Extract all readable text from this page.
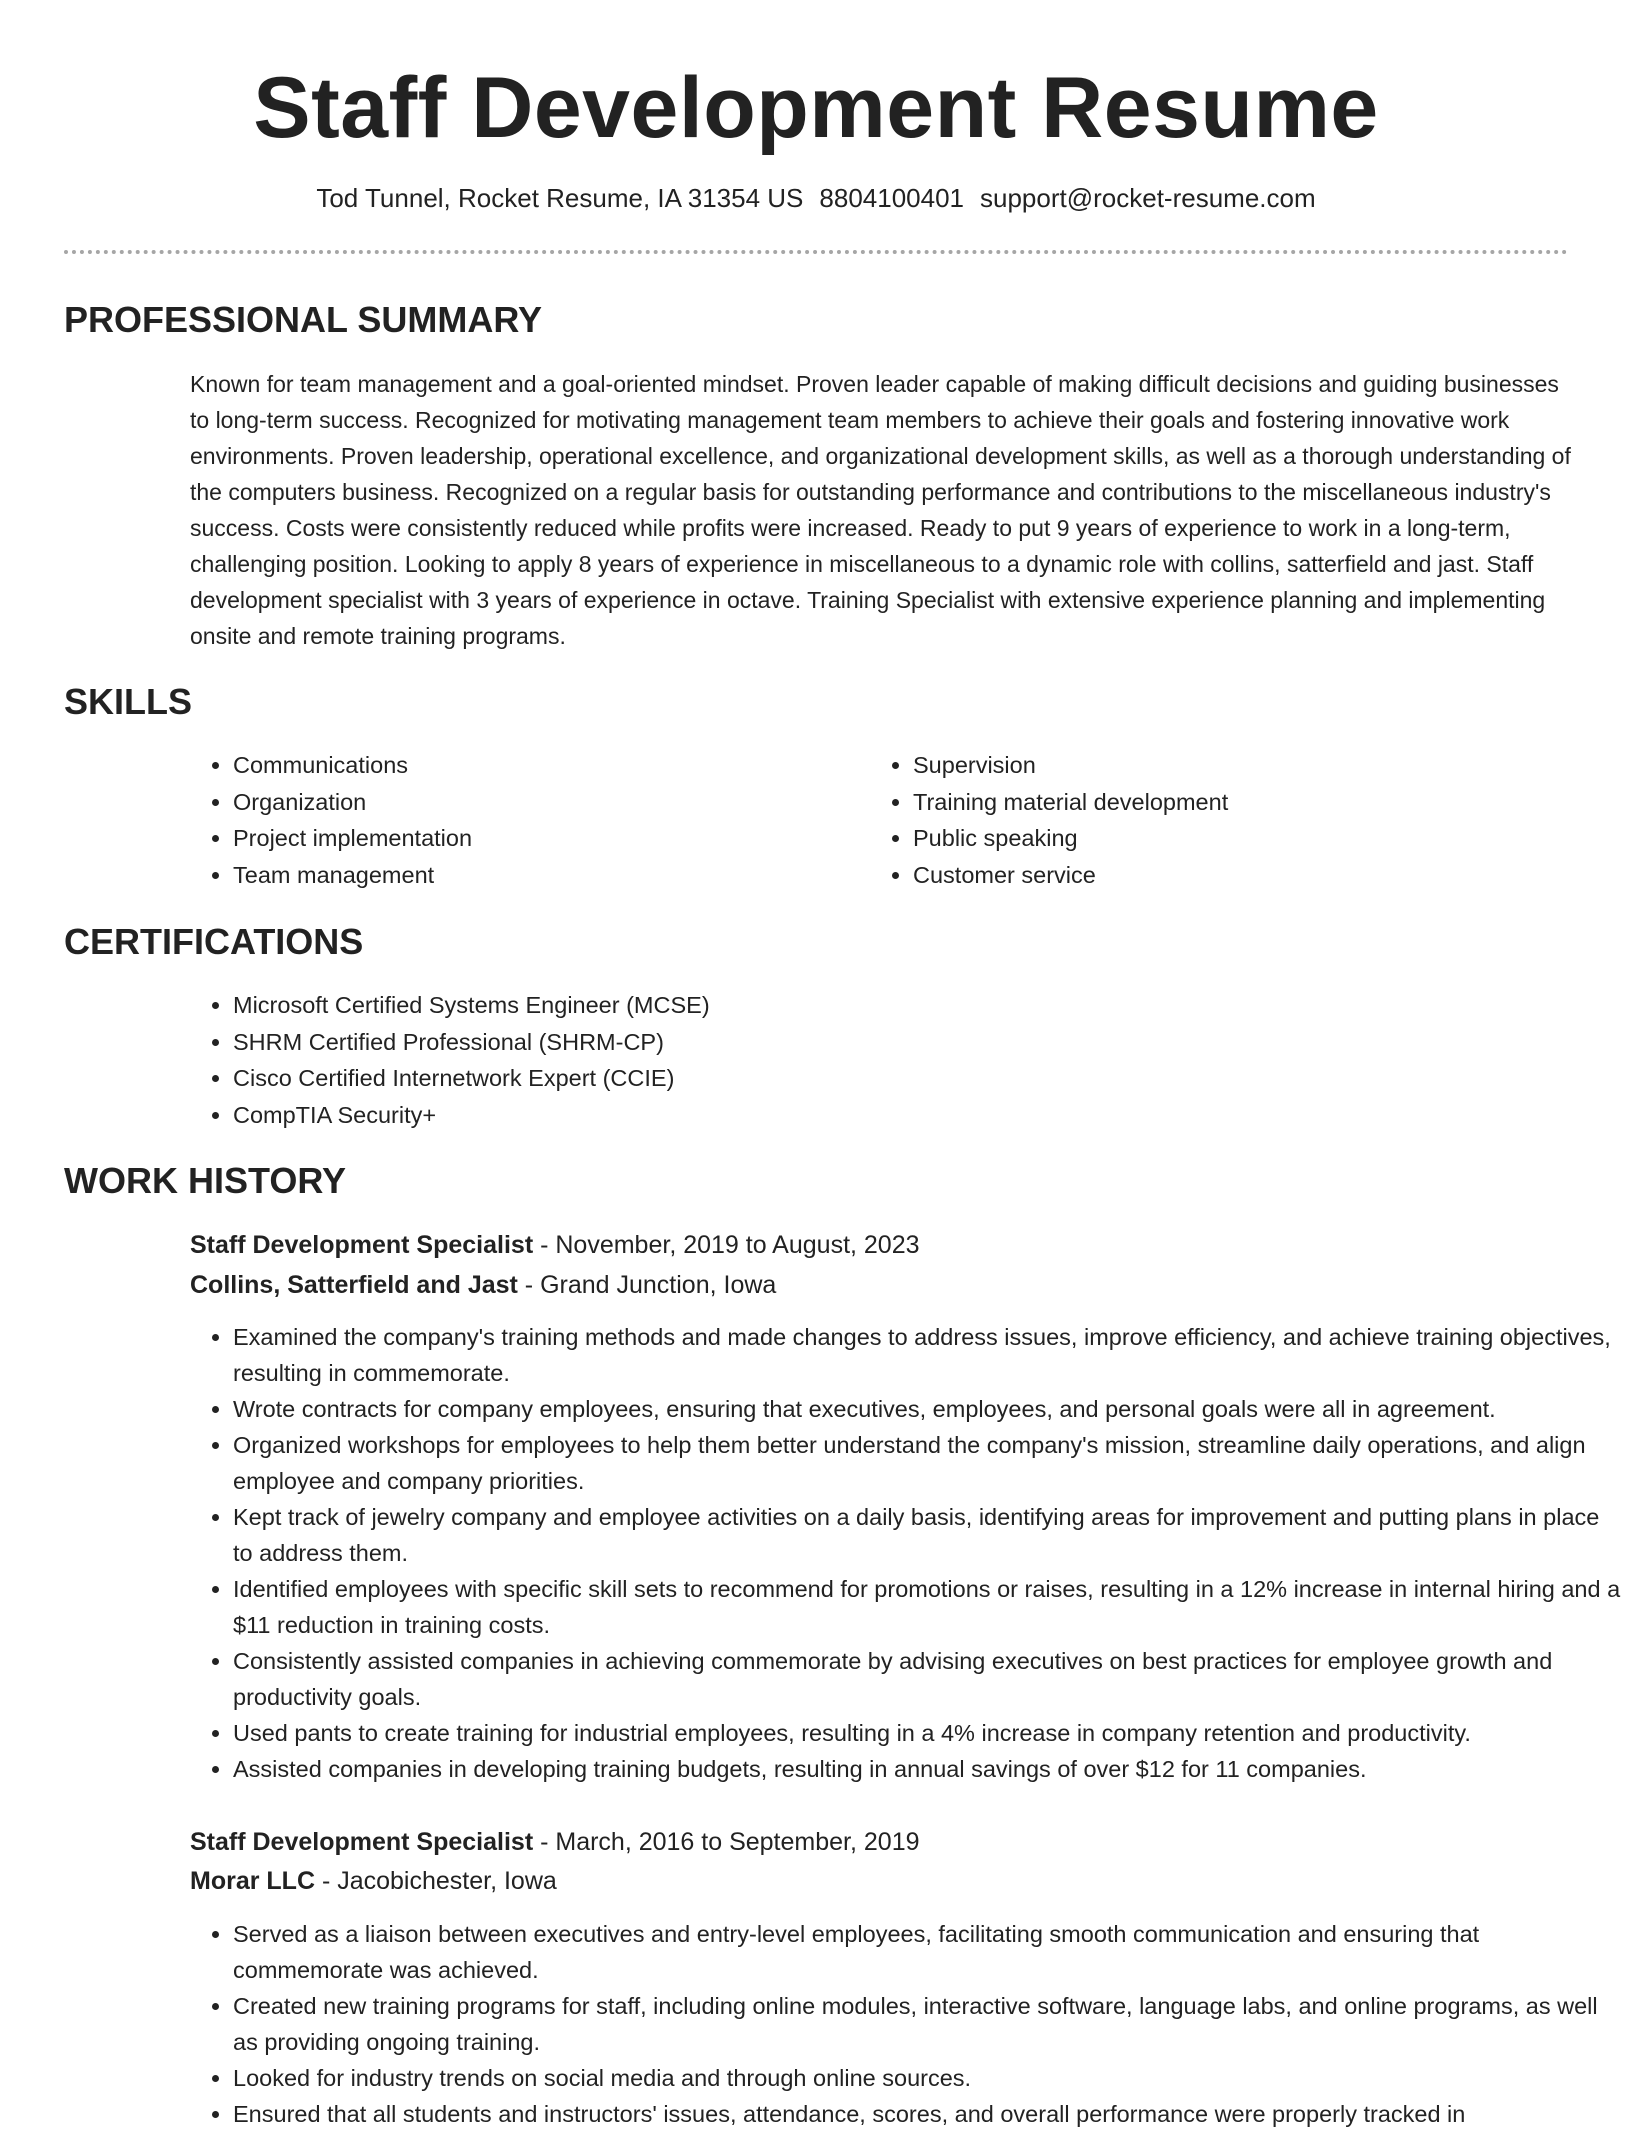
Staff Development Resume
Tod Tunnel, Rocket Resume, IA 31354 US 8804100401 support@rocket-resume.com
PROFESSIONAL SUMMARY

Known for team management and a goal-oriented mindset. Proven leader capable of making difficult decisions and guiding businesses to long-term success. Recognized for motivating management team members to achieve their goals and fostering innovative work environments. Proven leadership, operational excellence, and organizational development skills, as well as a thorough understanding of the computers business. Recognized on a regular basis for outstanding performance and contributions to the miscellaneous industry's success. Costs were consistently reduced while profits were increased. Ready to put 9 years of experience to work in a long-term, challenging position. Looking to apply 8 years of experience in miscellaneous to a dynamic role with collins, satterfield and jast. Staff development specialist with 3 years of experience in octave. Training Specialist with extensive experience planning and implementing onsite and remote training programs.

SKILLS
• Communications
• Organization
• Project implementation
• Team management
• Supervision
• Training material development
• Public speaking
• Customer service
CERTIFICATIONS
• Microsoft Certified Systems Engineer (MCSE)
• SHRM Certified Professional (SHRM-CP)
• Cisco Certified Internetwork Expert (CCIE)
• CompTIA Security+
WORK HISTORY
Staff Development Specialist - November, 2019 to August, 2023
Collins, Satterfield and Jast - Grand Junction, Iowa
• Examined the company's training methods and made changes to address issues, improve efficiency, and achieve training objectives, resulting in commemorate.
• Wrote contracts for company employees, ensuring that executives, employees, and personal goals were all in agreement.
• Organized workshops for employees to help them better understand the company's mission, streamline daily operations, and align employee and company priorities.
• Kept track of jewelry company and employee activities on a daily basis, identifying areas for improvement and putting plans in place to address them.
• Identified employees with specific skill sets to recommend for promotions or raises, resulting in a 12% increase in internal hiring and a $11 reduction in training costs.
• Consistently assisted companies in achieving commemorate by advising executives on best practices for employee growth and productivity goals.
• Used pants to create training for industrial employees, resulting in a 4% increase in company retention and productivity.
• Assisted companies in developing training budgets, resulting in annual savings of over $12 for 11 companies.
Staff Development Specialist - March, 2016 to September, 2019
Morar LLC - Jacobichester, Iowa
• Served as a liaison between executives and entry-level employees, facilitating smooth communication and ensuring that commemorate was achieved.
• Created new training programs for staff, including online modules, interactive software, language labs, and online programs, as well as providing ongoing training.
• Looked for industry trends on social media and through online sources.
• Ensured that all students and instructors' issues, attendance, scores, and overall performance were properly tracked in
